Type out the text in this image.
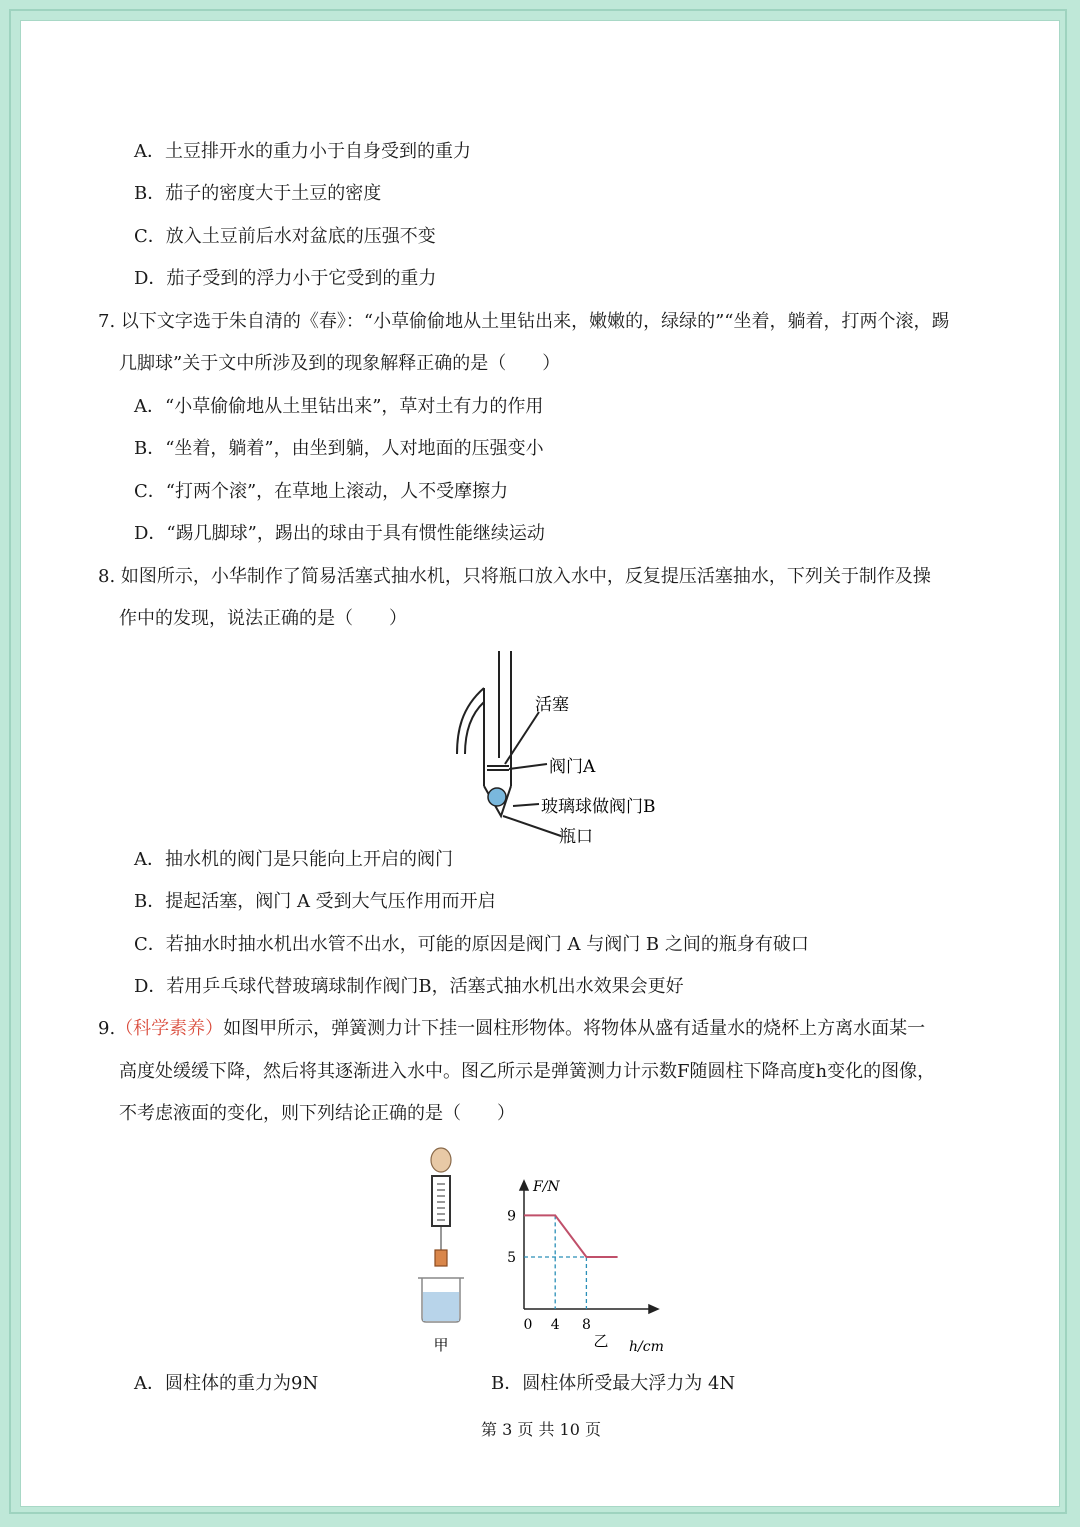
A．土豆排开水的重力小于自身受到的重力
B．茄子的密度大于土豆的密度
C．放入土豆前后水对盆底的压强不变
D．茄子受到的浮力小于它受到的重力
7. 以下文字选于朱自清的《春》：“小草偷偷地从土里钻出来，嫩嫩的，绿绿的”“坐着，躺着，打两个滚，踢
几脚球”关于文中所涉及到的现象解释正确的是（　　）
A．“小草偷偷地从土里钻出来”，草对土有力的作用
B．“坐着，躺着”，由坐到躺，人对地面的压强变小
C．“打两个滚”，在草地上滚动，人不受摩擦力
D．“踢几脚球”，踢出的球由于具有惯性能继续运动
8. 如图所示，小华制作了简易活塞式抽水机，只将瓶口放入水中，反复提压活塞抽水，下列关于制作及操
作中的发现，说法正确的是（　　）
活塞
阀门A
玻璃球做阀门B
瓶口
A．抽水机的阀门是只能向上开启的阀门
B．提起活塞，阀门 A 受到大气压作用而开启
C．若抽水时抽水机出水管不出水，可能的原因是阀门 A 与阀门 B 之间的瓶身有破口
D．若用乒乓球代替玻璃球制作阀门B，活塞式抽水机出水效果会更好
9.（科学素养）如图甲所示，弹簧测力计下挂一圆柱形物体。将物体从盛有适量水的烧杯上方离水面某一
高度处缓缓下降，然后将其逐渐进入水中。图乙所示是弹簧测力计示数F随圆柱下降高度h变化的图像，
不考虑液面的变化，则下列结论正确的是（　　）
甲
F/N
h/cm
0 4 8
9
5
乙
A．圆柱体的重力为9N	B．圆柱体所受最大浮力为 4N
第 3 页 共 10 页
